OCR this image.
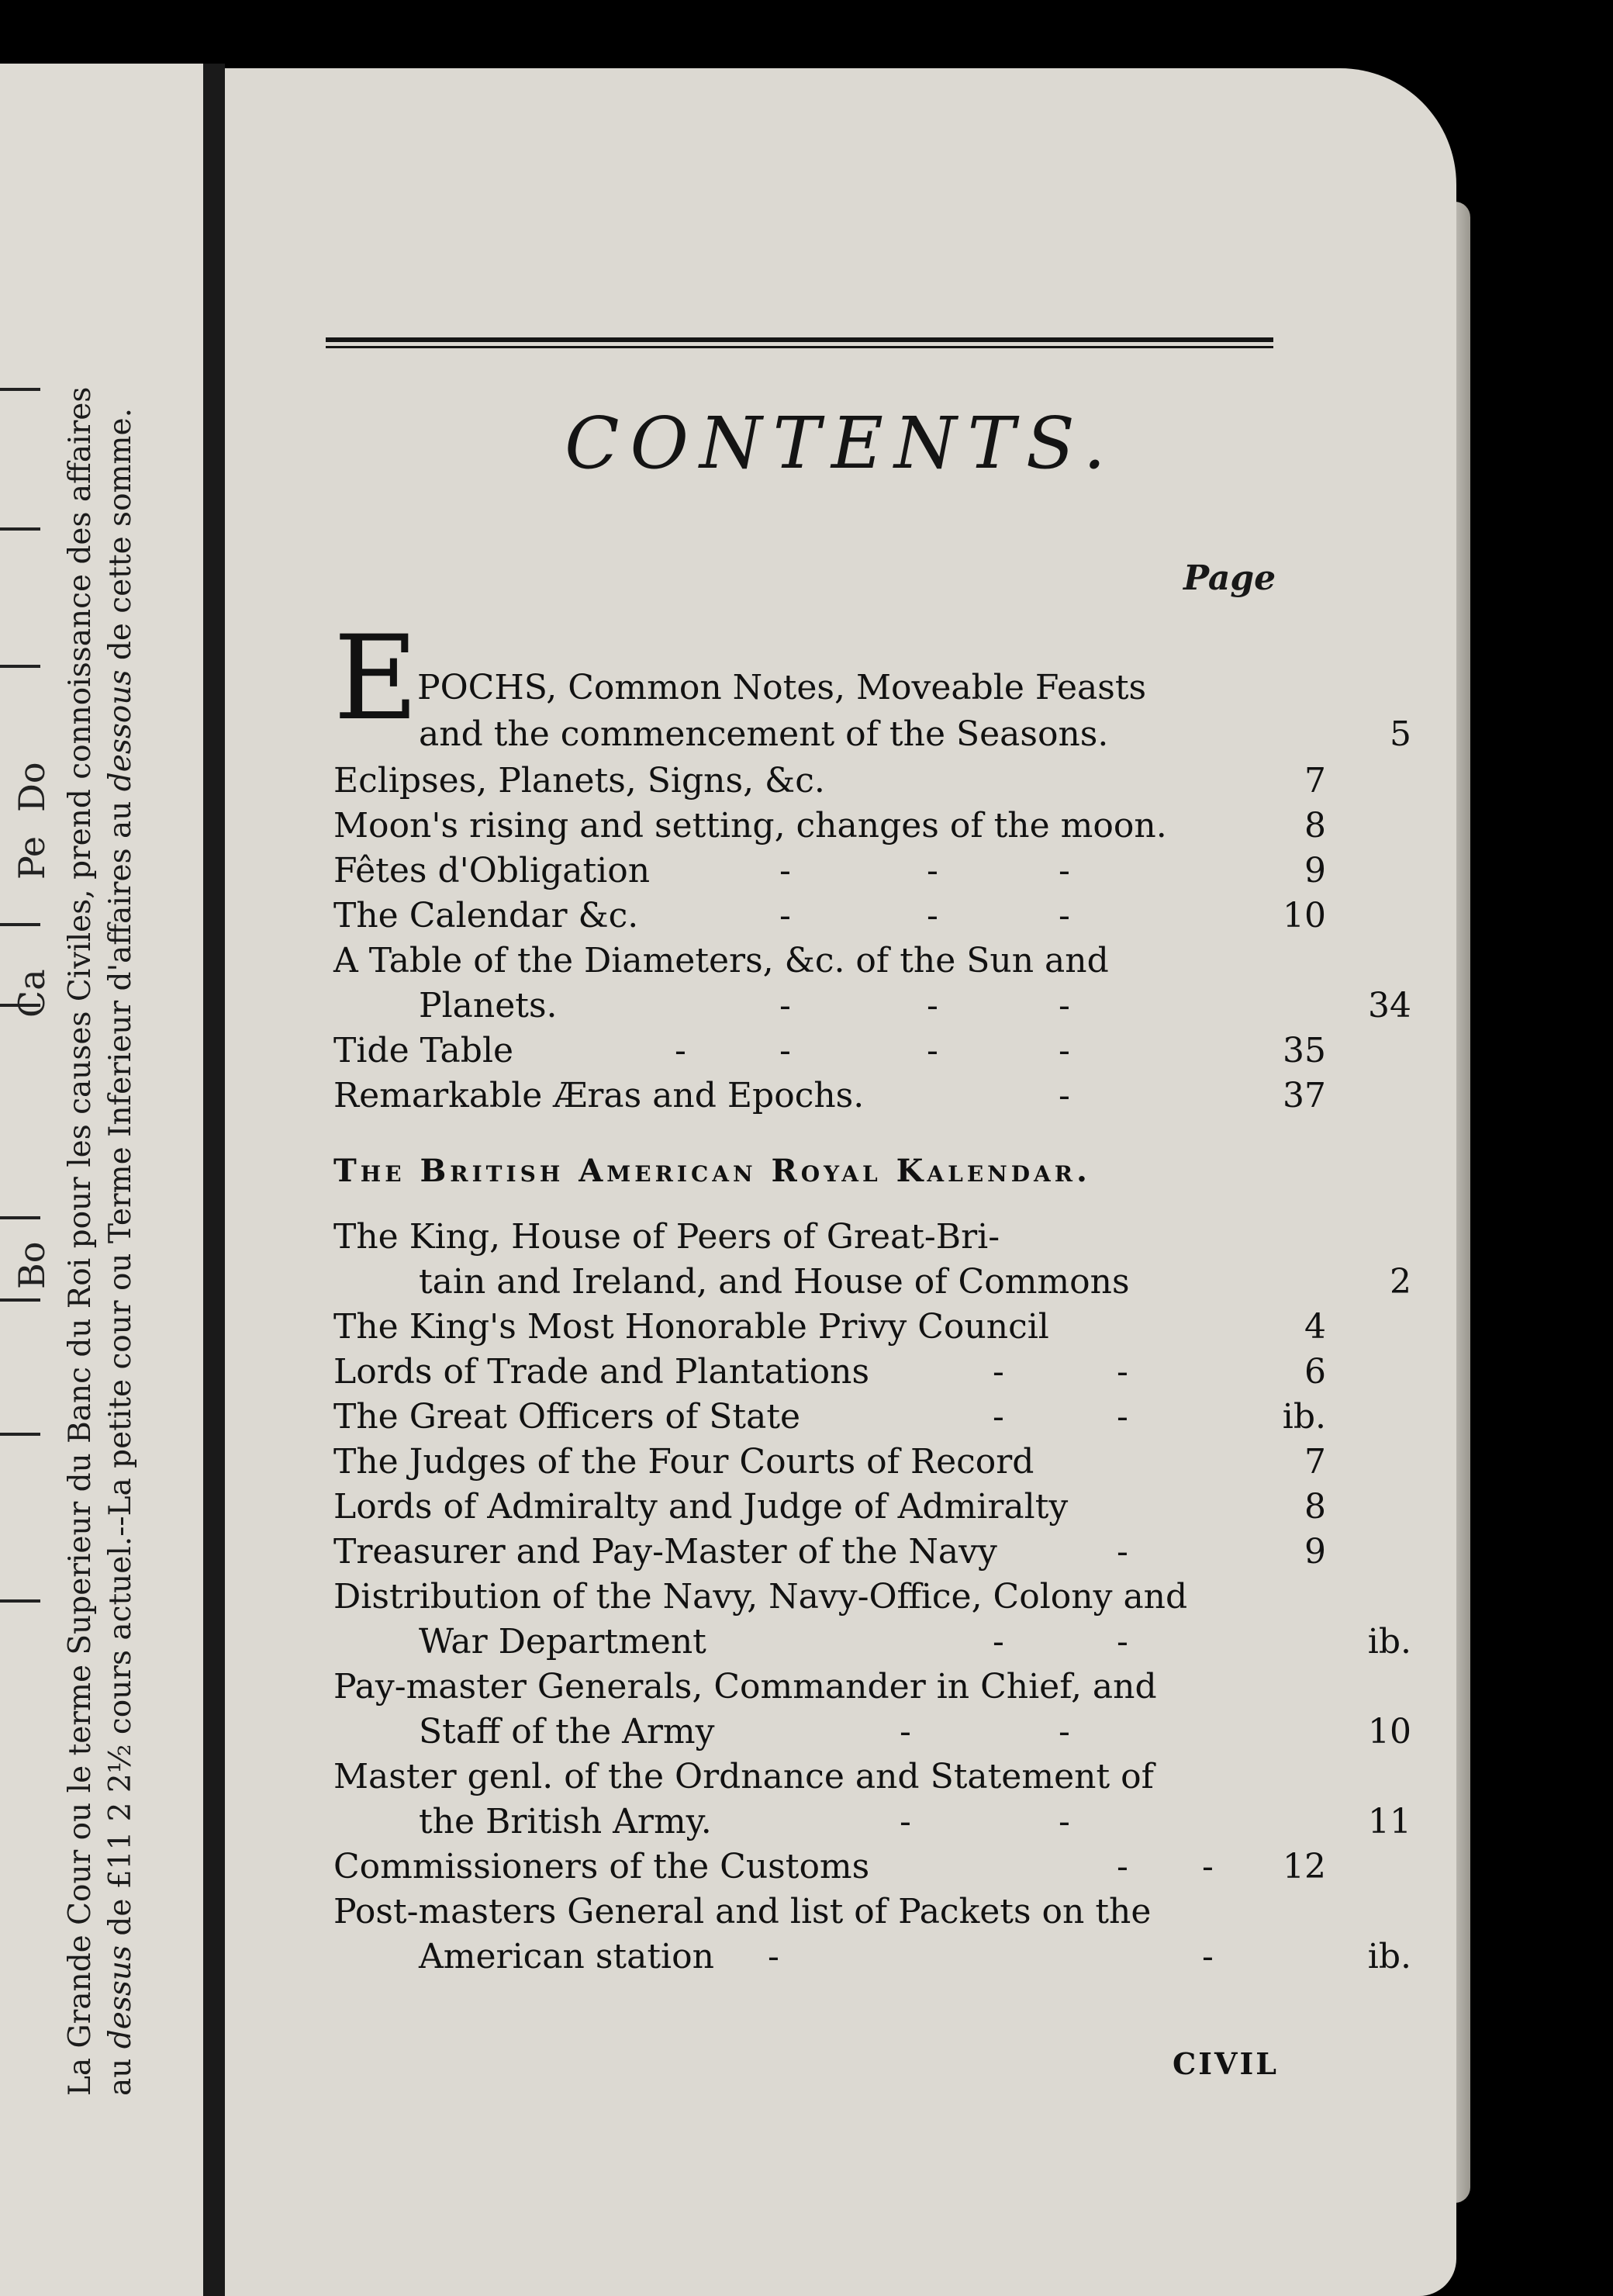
La Grande Cour ou le terme Superieur du Banc du Roi pour les causes Civiles, prend connoissance des affaires au dessus de £11 2 2½ cours actuel.--La petite cour ou Terme Inferieur d'affaires au dessous de cette somme.
Do
Pe
Ca
Bo
CONTENTS.
Page
E
POCHS, Common Notes, Moveable Feasts
and the commencement of the Seasons.	5
Eclipses, Planets, Signs, &c.	7
Moon's rising and setting, changes of the moon.	8
Fêtes d'Obligation	-	-	-	9
The Calendar &c.	-	-	-	10
A Table of the Diameters, &c. of the Sun and
Planets.	-	-	-	34
Tide Table	-	-	-	-	35
Remarkable Æras and Epochs.	-	37
The British American Royal Kalendar.
The King, House of Peers of Great-Bri-
tain and Ireland, and House of Commons	2
The King's Most Honorable Privy Council	4
Lords of Trade and Plantations	-	-	6
The Great Officers of State	-	-	ib.
The Judges of the Four Courts of Record	7
Lords of Admiralty and Judge of Admiralty	8
Treasurer and Pay-Master of the Navy	-	9
Distribution of the Navy, Navy-Office, Colony and
War Department	-	-	ib.
Pay-master Generals, Commander in Chief, and
Staff of the Army	-	-	10
Master genl. of the Ordnance and Statement of
the British Army.	-	-	11
Commissioners of the Customs	- - 12
Post-masters General and list of Packets on the
American station -	-	ib.
CIVIL
